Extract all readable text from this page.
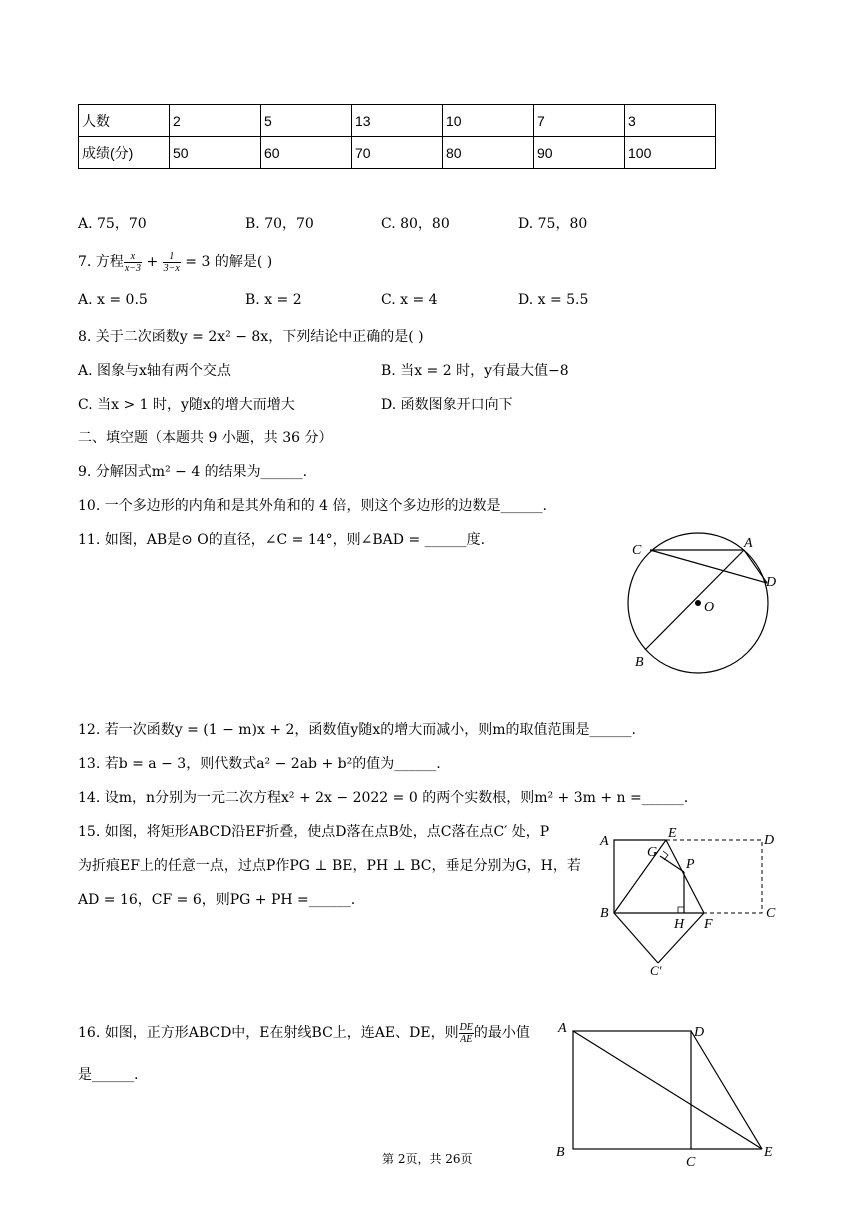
人数	2	5	13	10	7	3
成绩(分)	50	60	70	80	90	100
A. 75，70	B. 70，70	C. 80，80	D. 75，80
7. 方程 $\frac{x}{x-3} + \frac{1}{3-x} = 3$ 的解是( )
A. x = 0.5	B. x = 2	C. x = 4	D. x = 5.5
8. 关于二次函数y = 2x² − 8x，下列结论中正确的是( )
A. 图象与x轴有两个交点	B. 当x = 2 时，y有最大值−8
C. 当x > 1 时，y随x的增大而增大	D. 函数图象开口向下
二、填空题（本题共 9 小题，共 36 分）
9. 分解因式m² − 4 的结果为______.
10. 一个多边形的内角和是其外角和的 4 倍，则这个多边形的边数是______.
11. 如图，AB是⊙ O的直径，∠C = 14°，则∠BAD = ______度.
C	A
D
O
B
12. 若一次函数y = (1 − m)x + 2，函数值y随x的增大而减小，则m的取值范围是______.
13. 若b = a − 3，则代数式a² − 2ab + b²的值为______.
14. 设m，n分别为一元二次方程x² + 2x − 2022 = 0 的两个实数根，则m² + 3m + n =______.
15. 如图，将矩形ABCD沿EF折叠，使点D落在点B处，点C落在点C′ 处，P
为折痕EF上的任意一点，过点P作PG ⊥ BE，PH ⊥ BC，垂足分别为G，H，若
AD = 16，CF = 6，则PG + PH =______.
A
E	D
G
P
B
H F
C
C′
16. 如图，正方形ABCD中，E在射线BC上，连AE、DE，则 $\frac{DE}{AE}$ 的最小值
是______.
A	D
B
C
E
第 2页，共 26页
